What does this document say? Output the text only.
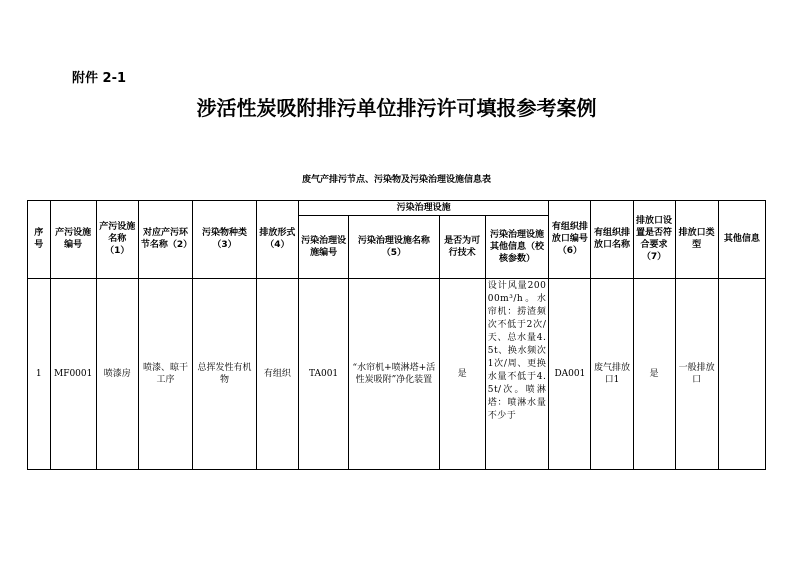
附件 2-1
涉活性炭吸附排污单位排污许可填报参考案例
废气产排污节点、污染物及污染治理设施信息表
序号	产污设施编号	产污设施名称（1）	对应产污环节名称（2）	污染物种类（3）	排放形式（4）	污染治理设施				有组织排放口编号（6）	有组织排放口名称	排放口设置是否符合要求（7）	排放口类型	其他信息
						污染治理设施编号	污染治理设施名称（5）	是否为可行技术	污染治理设施其他信息（校核参数）					
1	MF0001	喷漆房	喷漆、晾干工序	总挥发性有机物	有组织	TA001	“水帘机+喷淋塔+活性炭吸附”净化装置	是	设计风量20000m³/h。水帘机：捞渣频次不低于2次/天、总水量4.5t、换水频次1次/周、更换水量不低于4.5t/次。喷淋塔：喷淋水量不少于	DA001	废气排放口1	是	一般排放口	
